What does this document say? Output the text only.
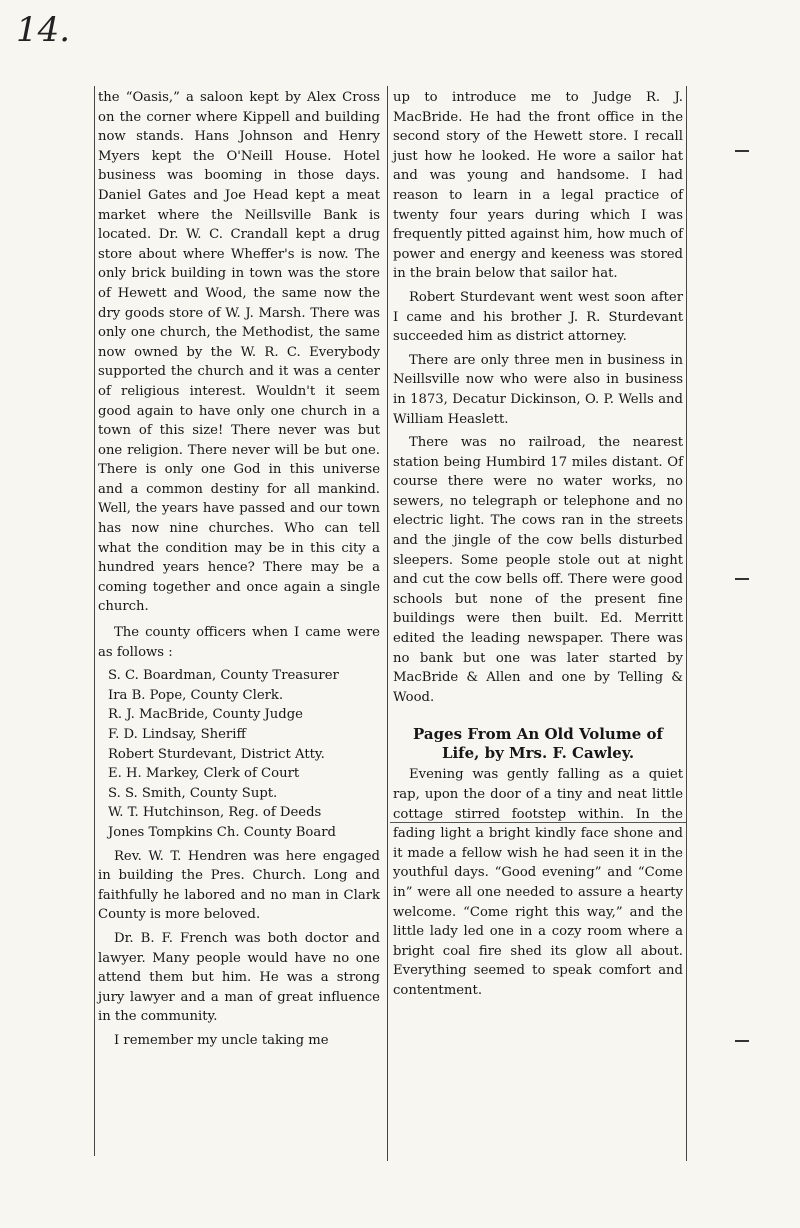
14.

the “Oasis,” a saloon kept by Alex Cross on the corner where Kippell and building now stands. Hans Johnson and Henry Myers kept the O'Neill House. Hotel business was booming in those days. Daniel Gates and Joe Head kept a meat market where the Neillsville Bank is located. Dr. W. C. Crandall kept a drug store about where Wheffer's is now. The only brick building in town was the store of Hewett and Wood, the same now the dry goods store of W. J. Marsh. There was only one church, the Methodist, the same now owned by the W. R. C. Everybody supported the church and it was a center of religious interest. Wouldn't it seem good again to have only one church in a town of this size! There never was but one religion. There never will be but one. There is only one God in this universe and a common destiny for all mankind. Well, the years have passed and our town has now nine churches. Who can tell what the condition may be in this city a hundred years hence? There may be a coming together and once again a single church.

The county officers when I came were as follows :

S. C. Boardman, County Treasurer
Ira B. Pope, County Clerk.
R. J. MacBride, County Judge
F. D. Lindsay, Sheriff
Robert Sturdevant, District Atty.
E. H. Markey, Clerk of Court
S. S. Smith, County Supt.
W. T. Hutchinson, Reg. of Deeds
Jones Tompkins Ch. County Board

Rev. W. T. Hendren was here engaged in building the Pres. Church. Long and faithfully he labored and no man in Clark County is more beloved.

Dr. B. F. French was both doctor and lawyer. Many people would have no one attend them but him. He was a strong jury lawyer and a man of great influence in the community.

I remember my uncle taking me

up to introduce me to Judge R. J. MacBride. He had the front office in the second story of the Hewett store. I recall just how he looked. He wore a sailor hat and was young and handsome. I had reason to learn in a legal practice of twenty four years during which I was frequently pitted against him, how much of power and energy and keeness was stored in the brain below that sailor hat.

Robert Sturdevant went west soon after I came and his brother J. R. Sturdevant succeeded him as district attorney.

There are only three men in business in Neillsville now who were also in business in 1873, Decatur Dickinson, O. P. Wells and William Heaslett.

There was no railroad, the nearest station being Humbird 17 miles distant. Of course there were no water works, no sewers, no telegraph or telephone and no electric light. The cows ran in the streets and the jingle of the cow bells disturbed sleepers. Some people stole out at night and cut the cow bells off. There were good schools but none of the present fine buildings were then built. Ed. Merritt edited the leading newspaper. There was no bank but one was later started by MacBride & Allen and one by Telling & Wood.

Pages From An Old Volume of Life, by Mrs. F. Cawley.

Evening was gently falling as a quiet rap, upon the door of a tiny and neat little cottage stirred footstep within. In the fading light a bright kindly face shone and it made a fellow wish he had seen it in the youthful days. “Good evening” and “Come in” were all one needed to assure a hearty welcome. “Come right this way,” and the little lady led one in a cozy room where a bright coal fire shed its glow all about. Everything seemed to speak comfort and contentment.
